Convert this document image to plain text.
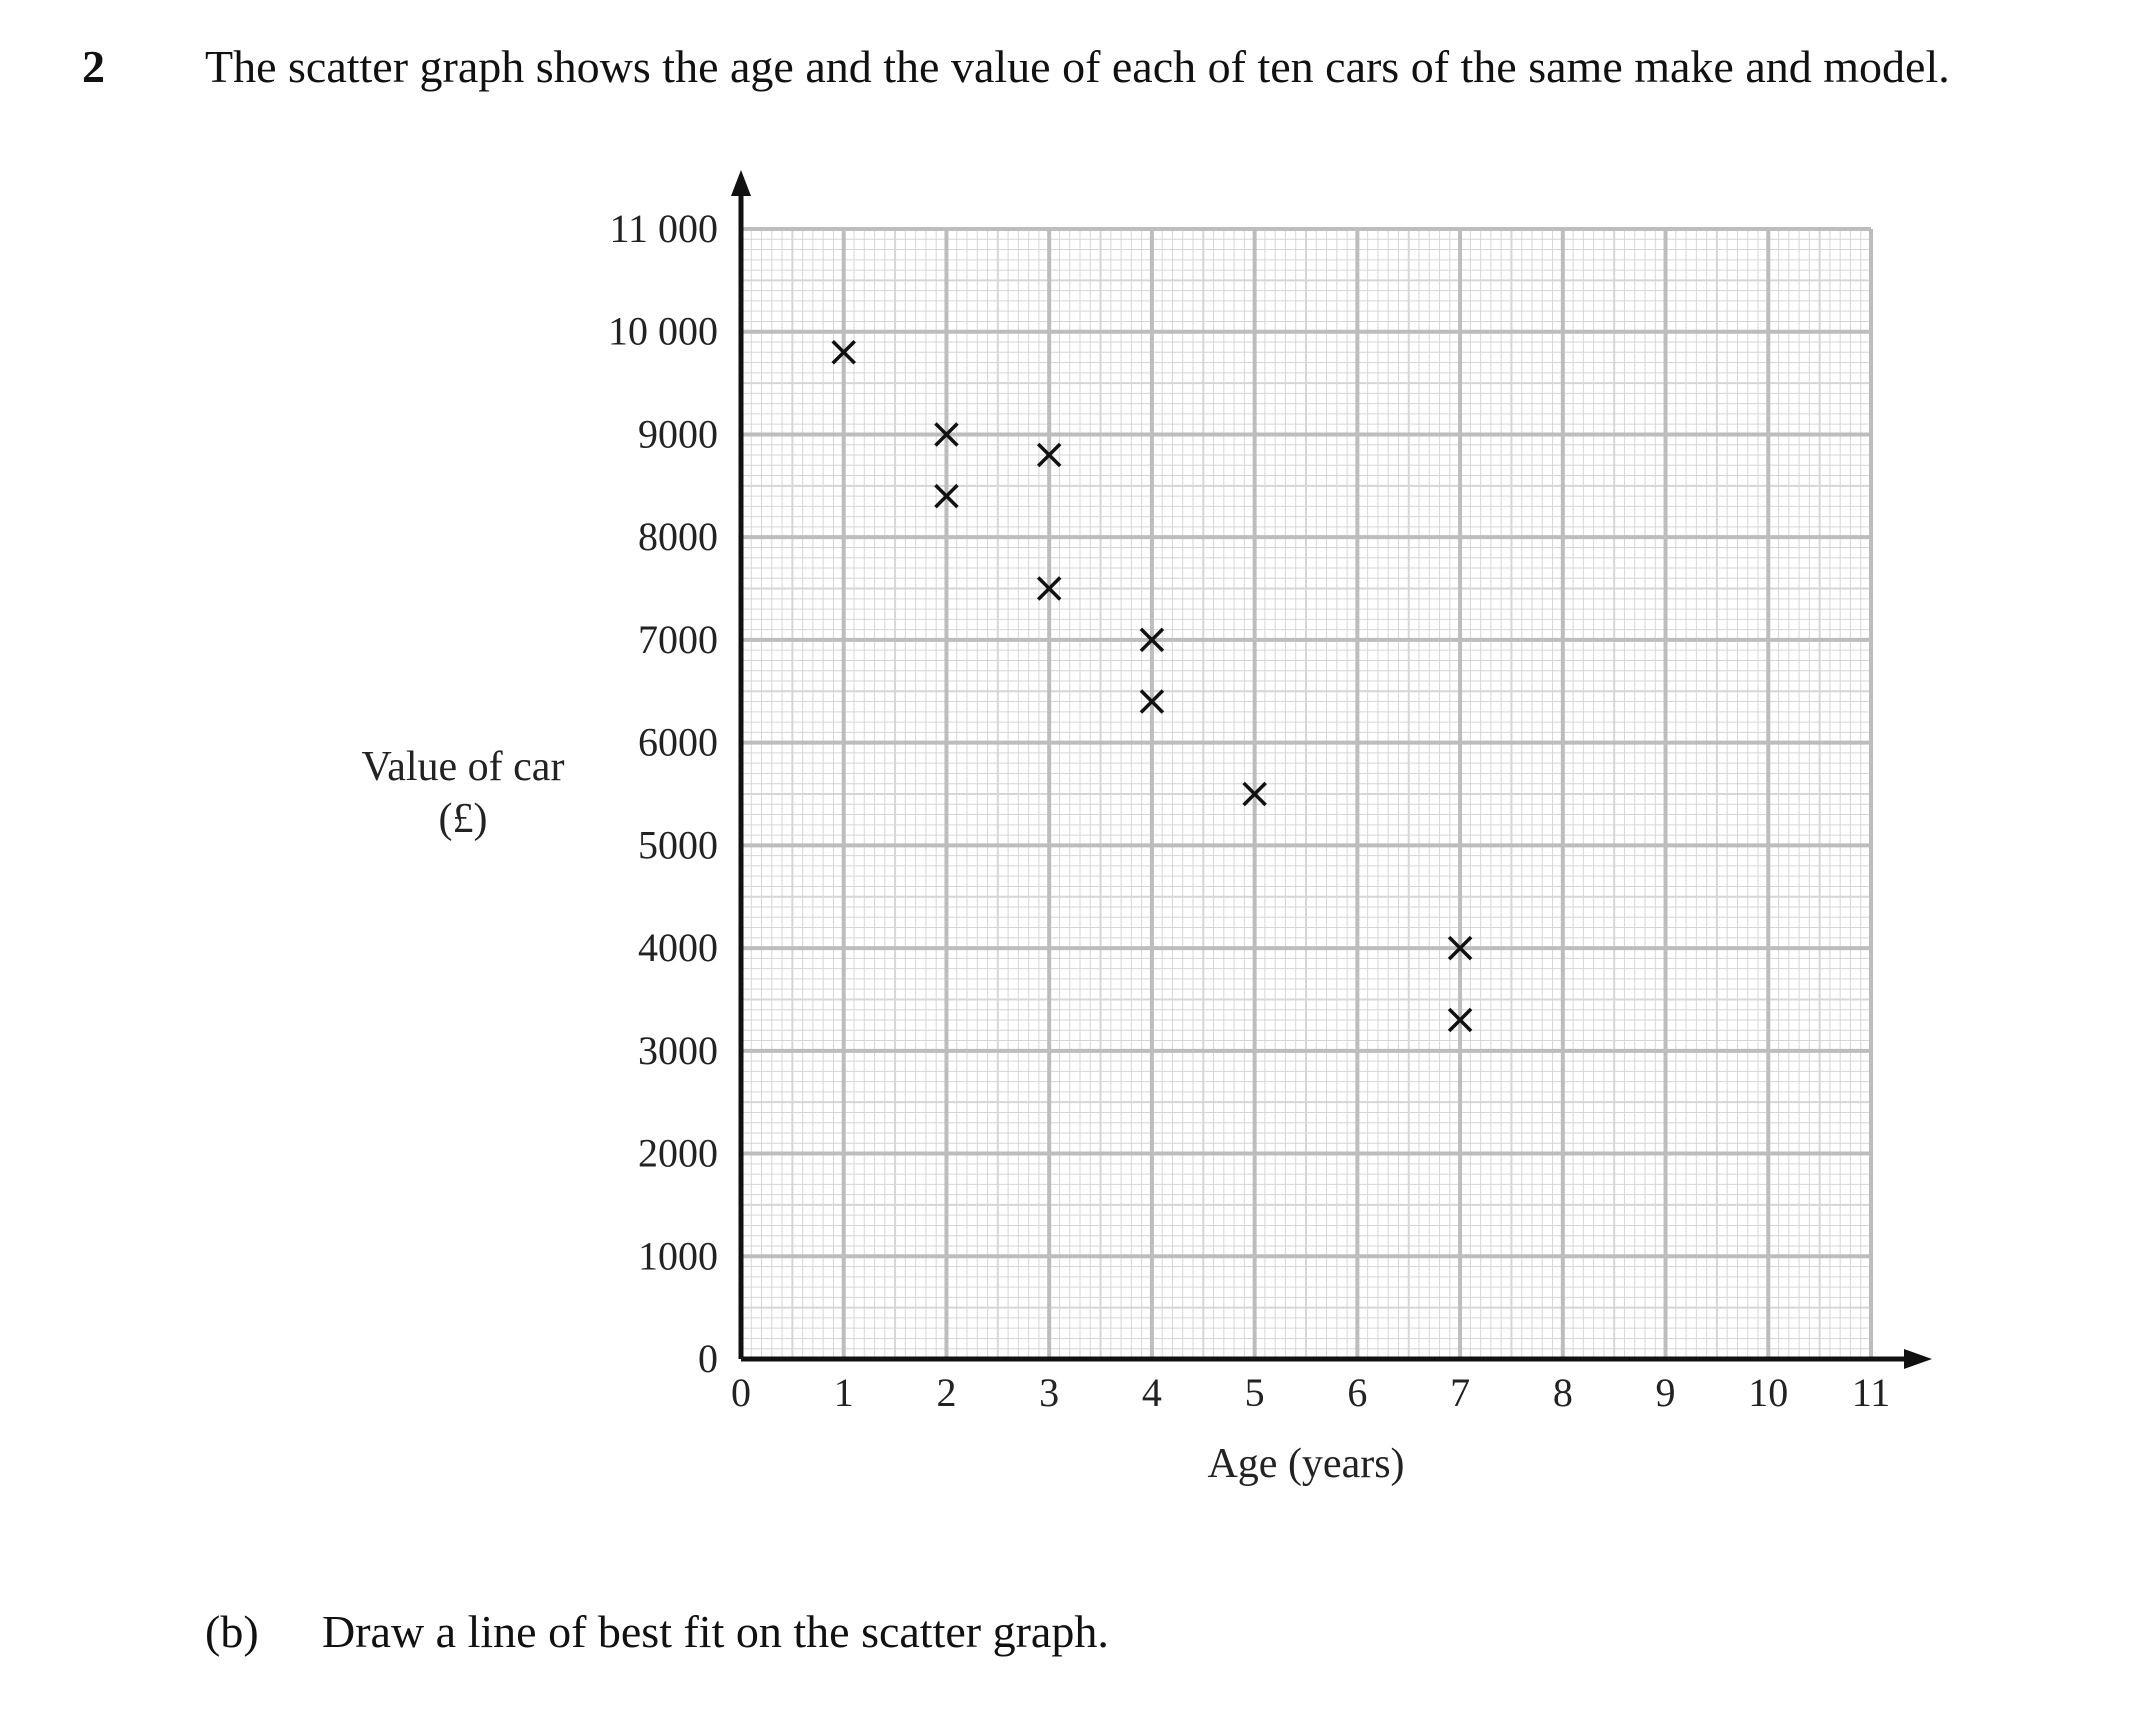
2 The scatter graph shows the age and the value of each of ten cars of the same make and model.
0
1000
2000
3000
4000
5000
6000
7000
8000
9000
10 000
11 000
0 1 2 3 4 5 6 7 8 9 10 11
Age (years)
Value of car
(£)
(b) Draw a line of best fit on the scatter graph.
